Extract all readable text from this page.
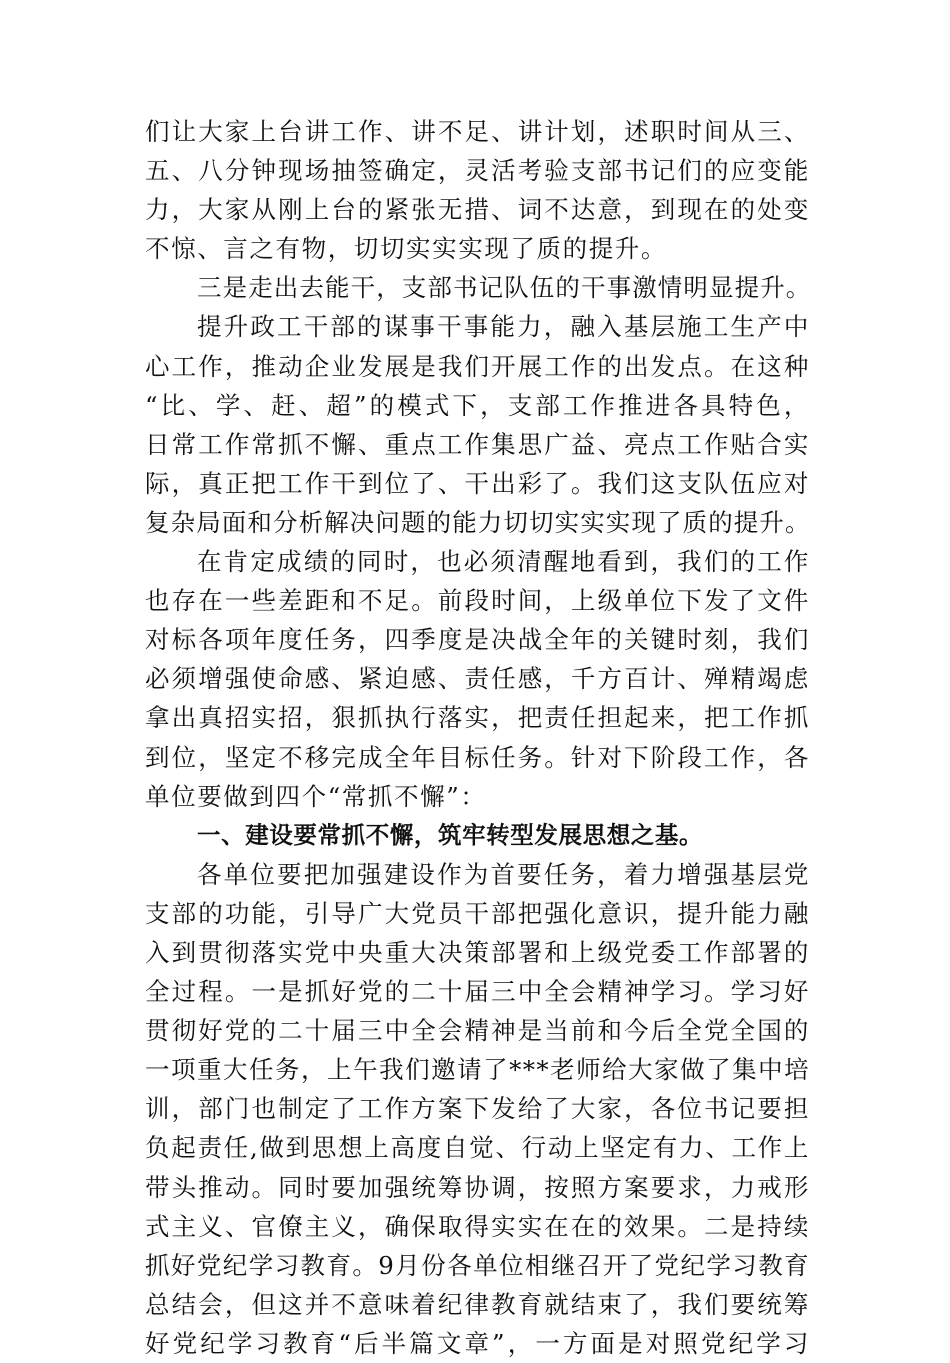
们让大家上台讲工作、讲不足、讲计划，述职时间从三、
五、八分钟现场抽签确定，灵活考验支部书记们的应变能
力，大家从刚上台的紧张无措、词不达意，到现在的处变
不惊、言之有物，切切实实实现了质的提升。
三是走出去能干，支部书记队伍的干事激情明显提升。
提升政工干部的谋事干事能力，融入基层施工生产中
心工作，推动企业发展是我们开展工作的出发点。在这种
“比、学、赶、超”的模式下，支部工作推进各具特色，
日常工作常抓不懈、重点工作集思广益、亮点工作贴合实
际，真正把工作干到位了、干出彩了。我们这支队伍应对
复杂局面和分析解决问题的能力切切实实实现了质的提升。
在肯定成绩的同时，也必须清醒地看到，我们的工作
也存在一些差距和不足。前段时间，上级单位下发了文件
对标各项年度任务，四季度是决战全年的关键时刻，我们
必须增强使命感、紧迫感、责任感，千方百计、殚精竭虑
拿出真招实招，狠抓执行落实，把责任担起来，把工作抓
到位，坚定不移完成全年目标任务。针对下阶段工作，各
单位要做到四个“常抓不懈”：
一、建设要常抓不懈，筑牢转型发展思想之基。
各单位要把加强建设作为首要任务，着力增强基层党
支部的功能，引导广大党员干部把强化意识，提升能力融
入到贯彻落实党中央重大决策部署和上级党委工作部署的
全过程。一是抓好党的二十届三中全会精神学习。学习好
贯彻好党的二十届三中全会精神是当前和今后全党全国的
一项重大任务，上午我们邀请了***老师给大家做了集中培
训，部门也制定了工作方案下发给了大家，各位书记要担
负起责任,做到思想上高度自觉、行动上坚定有力、工作上
带头推动。同时要加强统筹协调，按照方案要求，力戒形
式主义、官僚主义，确保取得实实在在的效果。二是持续
抓好党纪学习教育。9月份各单位相继召开了党纪学习教育
总结会，但这并不意味着纪律教育就结束了，我们要统筹
好党纪学习教育“后半篇文章”，一方面是对照党纪学习
